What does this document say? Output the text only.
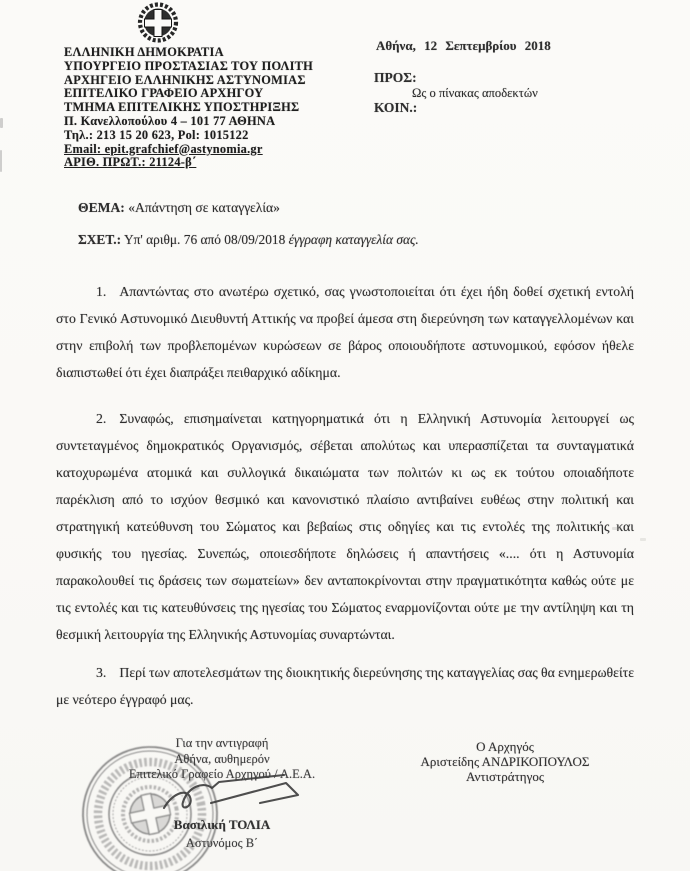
ΕΛΛΗΝΙΚΗ ΔΗΜΟΚΡΑΤΙΑ
ΥΠΟΥΡΓΕΙΟ ΠΡΟΣΤΑΣΙΑΣ ΤΟΥ ΠΟΛΙΤΗ
ΑΡΧΗΓΕΙΟ ΕΛΛΗΝΙΚΗΣ ΑΣΤΥΝΟΜΙΑΣ
ΕΠΙΤΕΛΙΚΟ ΓΡΑΦΕΙΟ ΑΡΧΗΓΟΥ
ΤΜΗΜΑ ΕΠΙΤΕΛΙΚΗΣ ΥΠΟΣΤΗΡΙΞΗΣ
Π. Κανελλοπούλου 4 – 101 77 ΑΘΗΝΑ
Τηλ.: 213 15 20 623, Pol: 1015122
Email: epit.grafchief@astynomia.gr
ΑΡΙΘ. ΠΡΩΤ.: 21124-β΄
Αθήνα, 12 Σεπτεμβρίου 2018
ΠΡΟΣ:
Ως ο πίνακας αποδεκτών
ΚΟΙΝ.:
ΘΕΜΑ: «Απάντηση σε καταγγελία»
ΣΧΕΤ.: Υπ' αριθμ. 76 από 08/09/2018 έγγραφη καταγγελία σας.

1. Απαντώντας στο ανωτέρω σχετικό, σας γνωστοποιείται ότι έχει ήδη δοθεί σχετική εντολή στο Γενικό Αστυνομικό Διευθυντή Αττικής να προβεί άμεσα στη διερεύνηση των καταγγελλομένων και στην επιβολή των προβλεπομένων κυρώσεων σε βάρος οποιουδήποτε αστυνομικού, εφόσον ήθελε διαπιστωθεί ότι έχει διαπράξει πειθαρχικό αδίκημα.

2. Συναφώς, επισημαίνεται κατηγορηματικά ότι η Ελληνική Αστυνομία λειτουργεί ως συντεταγμένος δημοκρατικός Οργανισμός, σέβεται απολύτως και υπερασπίζεται τα συνταγματικά κατοχυρωμένα ατομικά και συλλογικά δικαιώματα των πολιτών κι ως εκ τούτου οποιαδήποτε παρέκλιση από το ισχύον θεσμικό και κανονιστικό πλαίσιο αντιβαίνει ευθέως στην πολιτική και στρατηγική κατεύθυνση του Σώματος και βεβαίως στις οδηγίες και τις εντολές της πολιτικής και φυσικής του ηγεσίας. Συνεπώς, οποιεσδήποτε δηλώσεις ή απαντήσεις «.... ότι η Αστυνομία παρακολουθεί τις δράσεις των σωματείων» δεν ανταποκρίνονται στην πραγματικότητα καθώς ούτε με τις εντολές και τις κατευθύνσεις της ηγεσίας του Σώματος εναρμονίζονται ούτε με την αντίληψη και τη θεσμική λειτουργία της Ελληνικής Αστυνομίας συναρτώνται.

3. Περί των αποτελεσμάτων της διοικητικής διερεύνησης της καταγγελίας σας θα ενημερωθείτε με νεότερο έγγραφό μας.

Ο Αρχηγός
Αριστείδης ΑΝΔΡΙΚΟΠΟΥΛΟΣ
Αντιστράτηγος
Για την αντιγραφή
Αθήνα, αυθημερόν
Επιτελικό Γραφείο Αρχηγού / Α.Ε.Α.
Βασιλική ΤΟΛΙΑ
Αστυνόμος Β΄
